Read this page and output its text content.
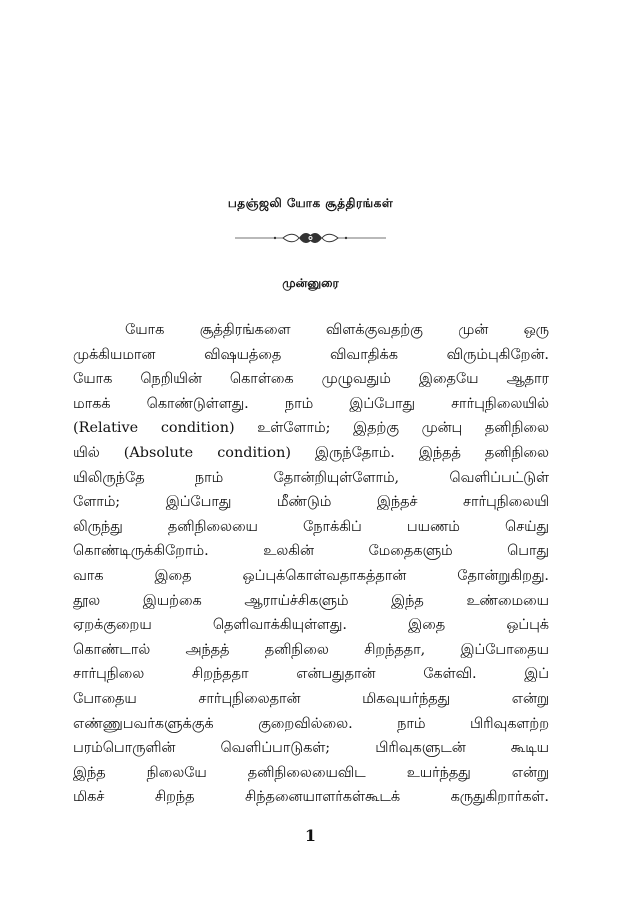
பதஞ்ஜலி யோக சூத்திரங்கள்
முன்னுரை
யோக சூத்திரங்களை விளக்குவதற்கு முன் ஒரு
முக்கியமான விஷயத்தை விவாதிக்க விரும்புகிறேன்.
யோக நெறியின் கொள்கை முழுவதும் இதையே ஆதார
மாகக் கொண்டுள்ளது. நாம் இப்போது சார்புநிலையில்
(Relative condition) உள்ளோம்; இதற்கு முன்பு தனிநிலை
யில் (Absolute condition) இருந்தோம். இந்தத் தனிநிலை
யிலிருந்தே நாம் தோன்றியுள்ளோம், வெளிப்பட்டுள்
ளோம்; இப்போது மீண்டும் இந்தச் சார்புநிலையி
லிருந்து தனிநிலையை நோக்கிப் பயணம் செய்து
கொண்டிருக்கிறோம். உலகின் மேதைகளும் பொது
வாக இதை ஒப்புக்கொள்வதாகத்தான் தோன்றுகிறது.
தூல இயற்கை ஆராய்ச்சிகளும் இந்த உண்மையை
ஏறக்குறைய தெளிவாக்கியுள்ளது. இதை ஒப்புக்
கொண்டால் அந்தத் தனிநிலை சிறந்ததா, இப்போதைய
சார்புநிலை சிறந்ததா என்பதுதான் கேள்வி. இப்
போதைய சார்புநிலைதான் மிகவுயர்ந்தது என்று
எண்ணுபவர்களுக்குக் குறைவில்லை. நாம் பிரிவுகளற்ற
பரம்பொருளின் வெளிப்பாடுகள்; பிரிவுகளுடன் கூடிய
இந்த நிலையே தனிநிலையைவிட உயர்ந்தது என்று
மிகச் சிறந்த சிந்தனையாளர்கள்கூடக் கருதுகிறார்கள்.
1
